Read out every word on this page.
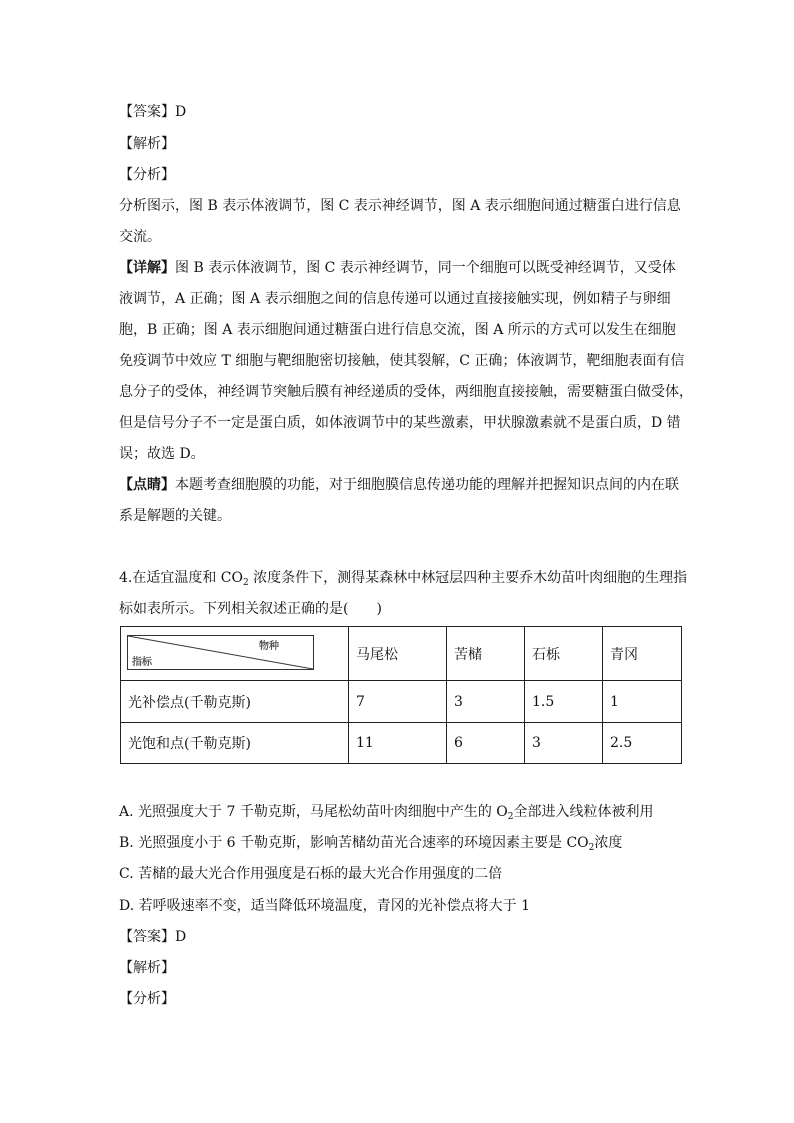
【答案】D
【解析】
【分析】
分析图示，图 B 表示体液调节，图 C 表示神经调节，图 A 表示细胞间通过糖蛋白进行信息
交流。
【详解】图 B 表示体液调节，图 C 表示神经调节，同一个细胞可以既受神经调节，又受体
液调节，A 正确；图 A 表示细胞之间的信息传递可以通过直接接触实现，例如精子与卵细
胞，B 正确；图 A 表示细胞间通过糖蛋白进行信息交流，图 A 所示的方式可以发生在细胞
免疫调节中效应 T 细胞与靶细胞密切接触，使其裂解，C 正确；体液调节，靶细胞表面有信
息分子的受体，神经调节突触后膜有神经递质的受体，两细胞直接接触，需要糖蛋白做受体，
但是信号分子不一定是蛋白质，如体液调节中的某些激素，甲状腺激素就不是蛋白质，D 错
误；故选 D。
【点睛】本题考查细胞膜的功能，对于细胞膜信息传递功能的理解并把握知识点间的内在联
系是解题的关键。
4.在适宜温度和 $CO_2$ 浓度条件下，测得某森林中林冠层四种主要乔木幼苗叶肉细胞的生理指
标如表所示。下列相关叙述正确的是(　　)
物种
指标	马尾松	苦槠	石栎	青冈
光补偿点(千勒克斯)	7	3	1.5	1
光饱和点(千勒克斯)	11	6	3	2.5
A. 光照强度大于 7 千勒克斯，马尾松幼苗叶肉细胞中产生的 $O_2$全部进入线粒体被利用
B. 光照强度小于 6 千勒克斯，影响苦槠幼苗光合速率的环境因素主要是 $CO_2$浓度
C. 苦槠的最大光合作用强度是石栎的最大光合作用强度的二倍
D. 若呼吸速率不变，适当降低环境温度，青冈的光补偿点将大于 1
【答案】D
【解析】
【分析】
